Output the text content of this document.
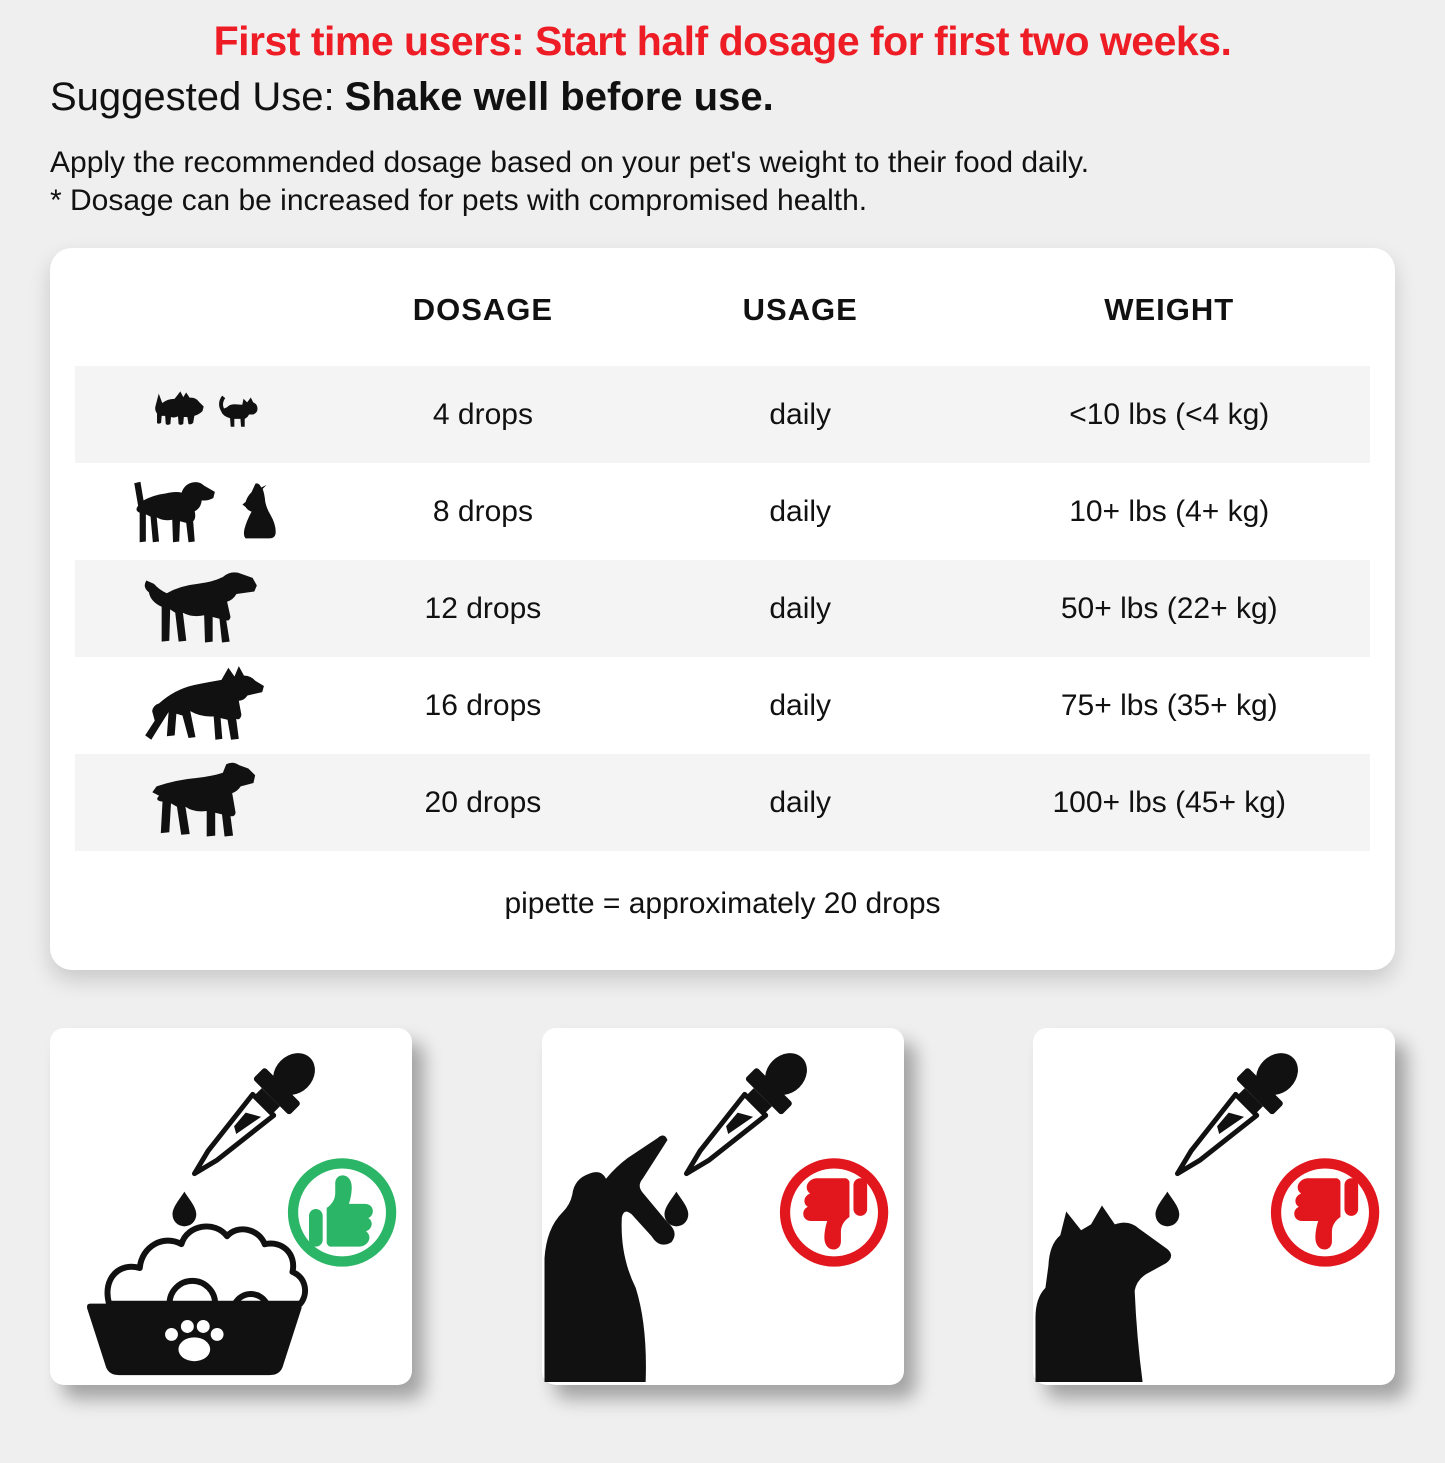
First time users: Start half dosage for first two weeks.
Suggested Use: Shake well before use.
Apply the recommended dosage based on your pet's weight to their food daily.
* Dosage can be increased for pets with compromised health.
DOSAGE	USAGE	WEIGHT
4 drops	daily	<10 lbs (<4 kg)
8 drops	daily	10+ lbs (4+ kg)
12 drops	daily	50+ lbs (22+ kg)
16 drops	daily	75+ lbs (35+ kg)
20 drops	daily	100+ lbs (45+ kg)
pipette = approximately 20 drops
